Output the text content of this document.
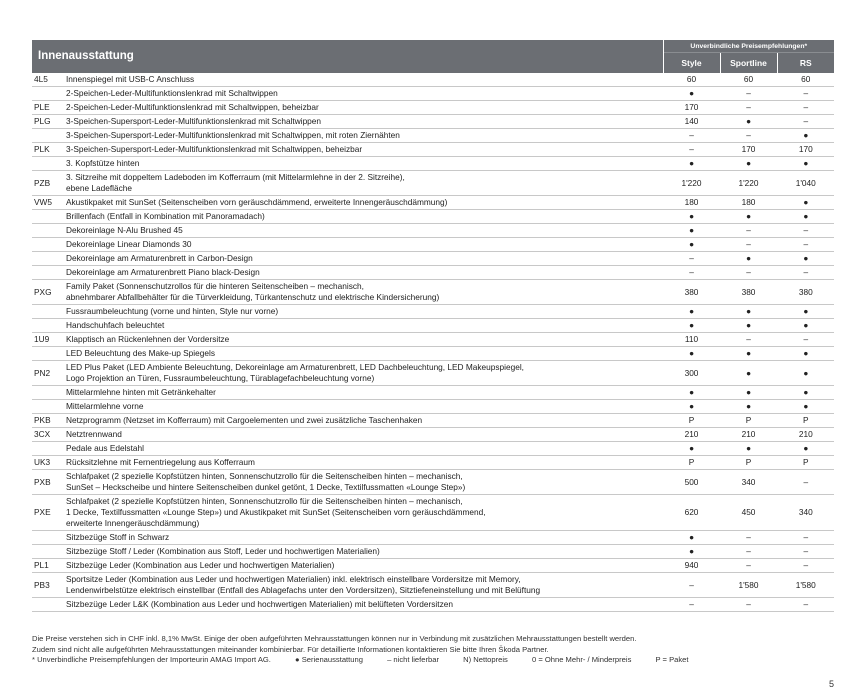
Innenausstattung		Unverbindliche Preisempfehlungen*		
		Style	Sportline	RS
4L5	Innenspiegel mit USB-C Anschluss	60	60	60
	2-Speichen-Leder-Multifunktionslenkrad mit Schaltwippen	●	–	–
PLE	2-Speichen-Leder-Multifunktionslenkrad mit Schaltwippen, beheizbar	170	–	–
PLG	3-Speichen-Supersport-Leder-Multifunktionslenkrad mit Schaltwippen	140	●	–
	3-Speichen-Supersport-Leder-Multifunktionslenkrad mit Schaltwippen, mit roten Ziernähten	–	–	●
PLK	3-Speichen-Supersport-Leder-Multifunktionslenkrad mit Schaltwippen, beheizbar	–	170	170
	3. Kopfstütze hinten	●	●	●
PZB	3. Sitzreihe mit doppeltem Ladeboden im Kofferraum (mit Mittelarmlehne in der 2. Sitzreihe),
ebene Ladefläche	1'220	1'220	1'040
VW5	Akustikpaket mit SunSet (Seitenscheiben vorn geräuschdämmend, erweiterte Innengeräuschdämmung)	180	180	●
	Brillenfach (Entfall in Kombination mit Panoramadach)	●	●	●
	Dekoreinlage N-Alu Brushed 45	●	–	–
	Dekoreinlage Linear Diamonds 30	●	–	–
	Dekoreinlage am Armaturenbrett in Carbon-Design	–	●	●
	Dekoreinlage am Armaturenbrett Piano black-Design	–	–	–
PXG	Family Paket (Sonnenschutzrollos für die hinteren Seitenscheiben – mechanisch,
abnehmbarer Abfallbehälter für die Türverkleidung, Türkantenschutz und elektrische Kindersicherung)	380	380	380
	Fussraumbeleuchtung (vorne und hinten, Style nur vorne)	●	●	●
	Handschuhfach beleuchtet	●	●	●
1U9	Klapptisch an Rückenlehnen der Vordersitze	110	–	–
	LED Beleuchtung des Make-up Spiegels	●	●	●
PN2	LED Plus Paket (LED Ambiente Beleuchtung, Dekoreinlage am Armaturenbrett, LED Dachbeleuchtung, LED Makeupspiegel,
Logo Projektion an Türen, Fussraumbeleuchtung, Türablagefachbeleuchtung vorne)	300	●	●
	Mittelarmlehne hinten mit Getränkehalter	●	●	●
	Mittelarmlehne vorne	●	●	●
PKB	Netzprogramm (Netzset im Kofferraum) mit Cargoelementen und zwei zusätzliche Taschenhaken	P	P	P
3CX	Netztrennwand	210	210	210
	Pedale aus Edelstahl	●	●	●
UK3	Rücksitzlehne mit Fernentriegelung aus Kofferraum	P	P	P
PXB	Schlafpaket (2 spezielle Kopfstützen hinten, Sonnenschutzrollo für die Seitenscheiben hinten – mechanisch,
SunSet – Heckscheibe und hintere Seitenscheiben dunkel getönt, 1 Decke, Textilfussmatten «Lounge Step»)	500	340	–
PXE	Schlafpaket (2 spezielle Kopfstützen hinten, Sonnenschutzrollo für die Seitenscheiben hinten – mechanisch,
1 Decke, Textilfussmatten «Lounge Step») und Akustikpaket mit SunSet (Seitenscheiben vorn geräuschdämmend,
erweiterte Innengeräuschdämmung)	620	450	340
	Sitzbezüge Stoff in Schwarz	●	–	–
	Sitzbezüge Stoff / Leder (Kombination aus Stoff, Leder und hochwertigen Materialien)	●	–	–
PL1	Sitzbezüge Leder (Kombination aus Leder und hochwertigen Materialien)	940	–	–
PB3	Sportsitze Leder (Kombination aus Leder und hochwertigen Materialien) inkl. elektrisch einstellbare Vordersitze mit Memory,
Lendenwirbelstütze elektrisch einstellbar (Entfall des Ablagefachs unter den Vordersitzen), Sitztiefeneinstellung und mit Belüftung	–	1'580	1'580
	Sitzbezüge Leder L&K (Kombination aus Leder und hochwertigen Materialien) mit belüfteten Vordersitzen	–	–	–
Die Preise verstehen sich in CHF inkl. 8,1% MwSt. Einige der oben aufgeführten Mehrausstattungen können nur in Verbindung mit zusätzlichen Mehrausstattungen bestellt werden.
Zudem sind nicht alle aufgeführten Mehrausstattungen miteinander kombinierbar. Für detaillierte Informationen kontaktieren Sie bitte Ihren Škoda Partner.
* Unverbindliche Preisempfehlungen der Importeurin AMAG Import AG.	● Serienausstattung	– nicht lieferbar	N) Nettopreis	0 = Ohne Mehr- / Minderpreis	P = Paket
5
